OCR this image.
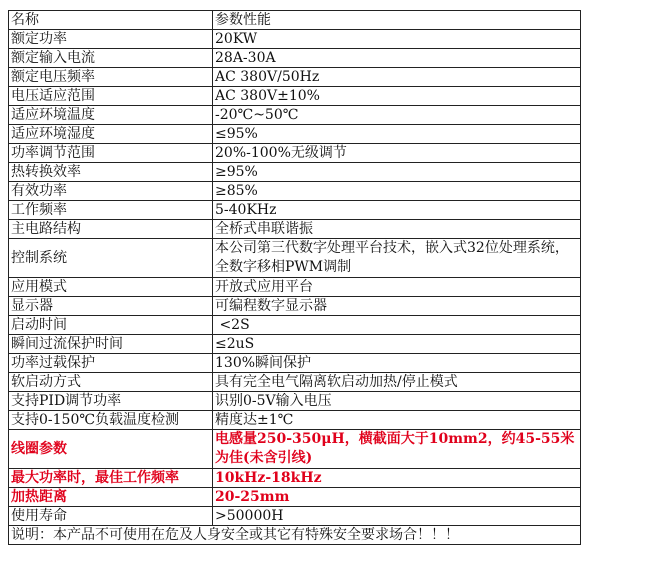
名称	参数性能
额定功率	20KW
额定输入电流	28A-30A
额定电压频率	AC 380V/50Hz
电压适应范围	AC 380V±10%
适应环境温度	-20℃~50℃
适应环境湿度	≤95%
功率调节范围	20%-100%无级调节
热转换效率	≥95%
有效功率	≥85%
工作频率	5-40KHz
主电路结构	全桥式串联谐振
控制系统	本公司第三代数字处理平台技术，嵌入式32位处理系统，全数字移相PWM调制
应用模式	开放式应用平台
显示器	可编程数字显示器
启动时间	<2S
瞬间过流保护时间	≤2uS
功率过载保护	130%瞬间保护
软启动方式	具有完全电气隔离软启动加热/停止模式
支持PID调节功率	识别0-5V输入电压
支持0-150℃负载温度检测	精度达±1℃
线圈参数	电感量250-350μH，横截面大于10mm2，约45-55米为佳(未含引线)
最大功率时，最佳工作频率	10kHz-18kHz
加热距离	20-25mm
使用寿命	>50000H
说明：本产品不可使用在危及人身安全或其它有特殊安全要求场合！！！	
